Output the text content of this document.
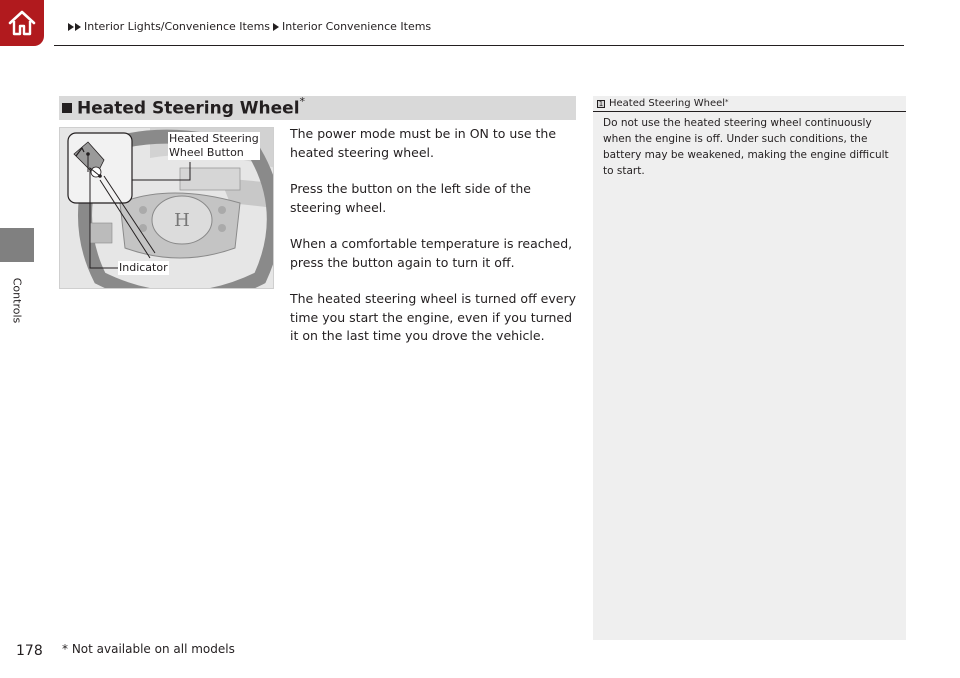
Interior Lights/Convenience Items Interior Convenience Items
Controls
Heated Steering Wheel*
H
Heated Steering
Wheel Button
Indicator

The power mode must be in ON to use the heated steering wheel.

Press the button on the left side of the steering wheel.

When a comfortable temperature is reached, press the button again to turn it off.

The heated steering wheel is turned off every time you start the engine, even if you turned it on the last time you drove the vehicle.

1 Heated Steering Wheel*
Do not use the heated steering wheel continuously when the engine is off. Under such conditions, the battery may be weakened, making the engine difficult to start.
178 * Not available on all models
